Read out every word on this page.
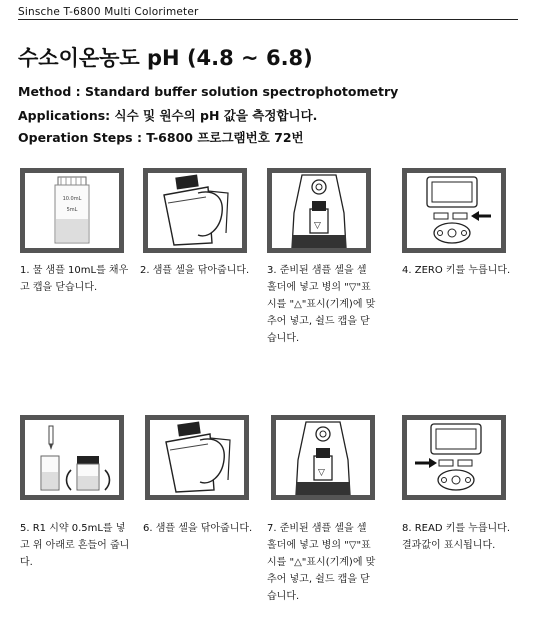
Sinsche T-6800 Multi Colorimeter
수소이온농도 pH (4.8 ~ 6.8)
Method : Standard buffer solution spectrophotometry
Applications: 식수 및 원수의 pH 값을 측정합니다.
Operation Steps : T-6800 프로그램번호 72번
10.0mL
5mL
1. 물 샘플 10mL를 채우고 캡을 닫습니다.
2. 샘플 셀을 닦아줍니다.
▽
3. 준비된 샘플 셀을 셀 홀더에 넣고 병의 "▽"표시를 "△"표시(기계)에 맞추어 넣고, 쉴드 캡을 닫습니다.
4. ZERO 키를 누릅니다.
5. R1 시약 0.5mL를 넣고 위 아래로 흔들어 줍니다.
6. 샘플 셀을 닦아줍니다.
▽
7. 준비된 샘플 셀을 셀 홀더에 넣고 병의 "▽"표시를 "△"표시(기계)에 맞추어 넣고, 쉴드 캡을 닫습니다.
8. READ 키를 누릅니다. 결과값이 표시됩니다.
